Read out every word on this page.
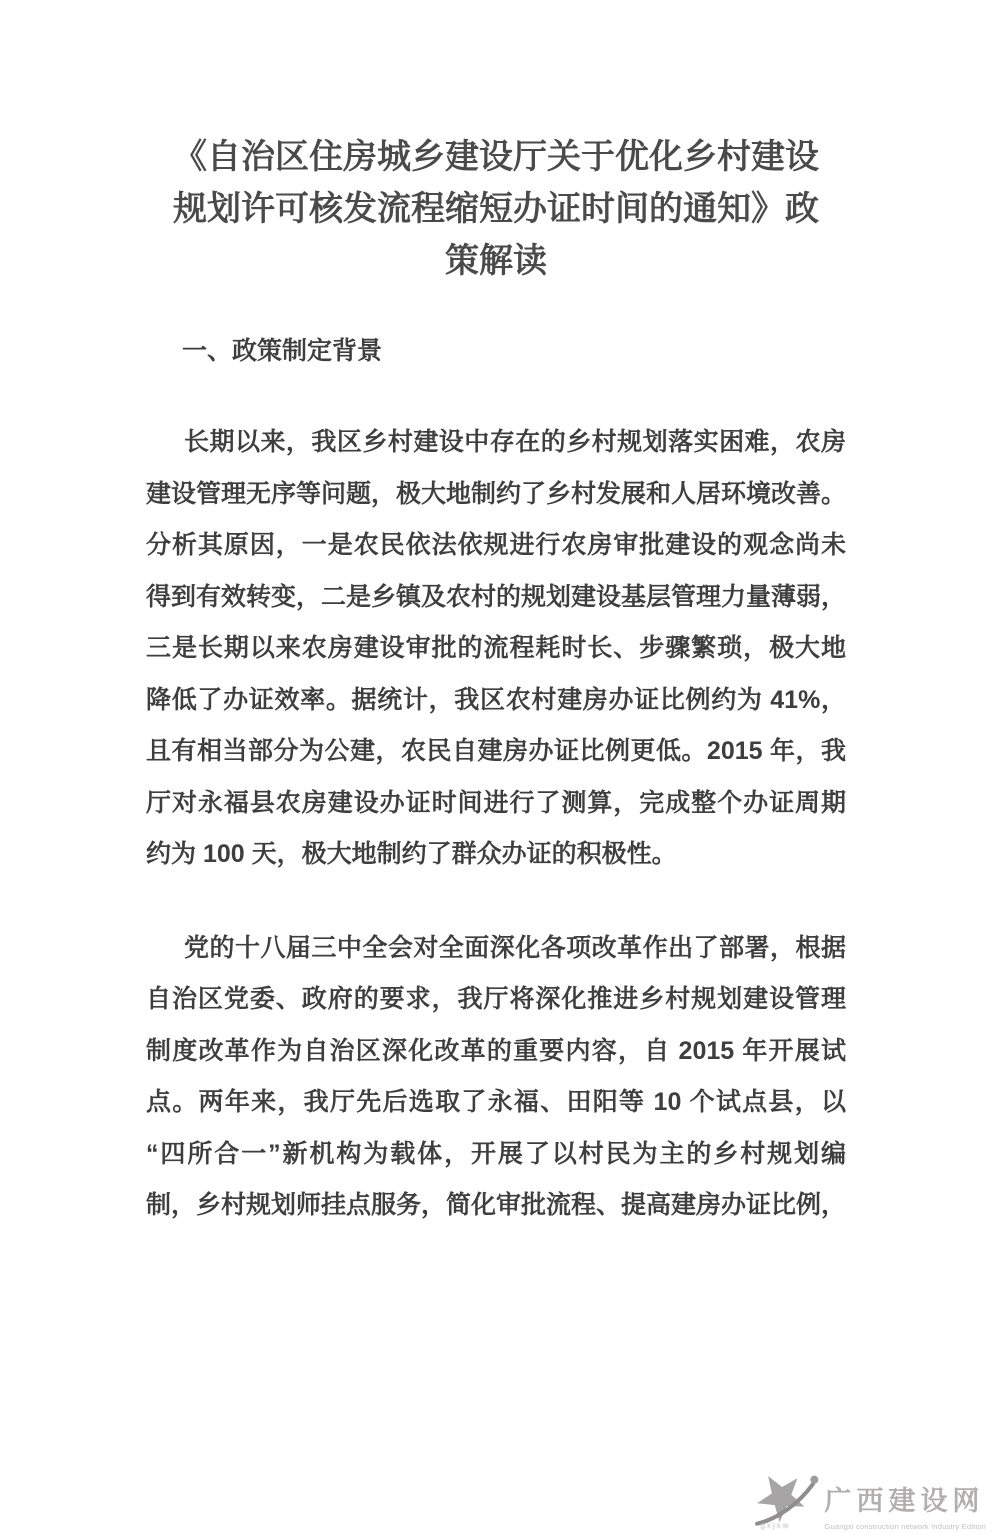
《自治区住房城乡建设厅关于优化乡村建设
规划许可核发流程缩短办证时间的通知》政
策解读
一、政策制定背景
长期以来，我区乡村建设中存在的乡村规划落实困难，农房
建设管理无序等问题，极大地制约了乡村发展和人居环境改善。
分析其原因，一是农民依法依规进行农房审批建设的观念尚未
得到有效转变，二是乡镇及农村的规划建设基层管理力量薄弱，
三是长期以来农房建设审批的流程耗时长、步骤繁琐，极大地
降低了办证效率。据统计，我区农村建房办证比例约为 41%，
且有相当部分为公建，农民自建房办证比例更低。2015 年，我
厅对永福县农房建设办证时间进行了测算，完成整个办证周期
约为 100 天，极大地制约了群众办证的积极性。
党的十八届三中全会对全面深化各项改革作出了部署，根据
自治区党委、政府的要求，我厅将深化推进乡村规划建设管理
制度改革作为自治区深化改革的重要内容，自 2015 年开展试
点。两年来，我厅先后选取了永福、田阳等 10 个试点县，以
“四所合一”新机构为载体，开展了以村民为主的乡村规划编
制，乡村规划师挂点服务，简化审批流程、提高建房办证比例，
gxjsw
广西建设网
Guangxi construction network Industry Edition
